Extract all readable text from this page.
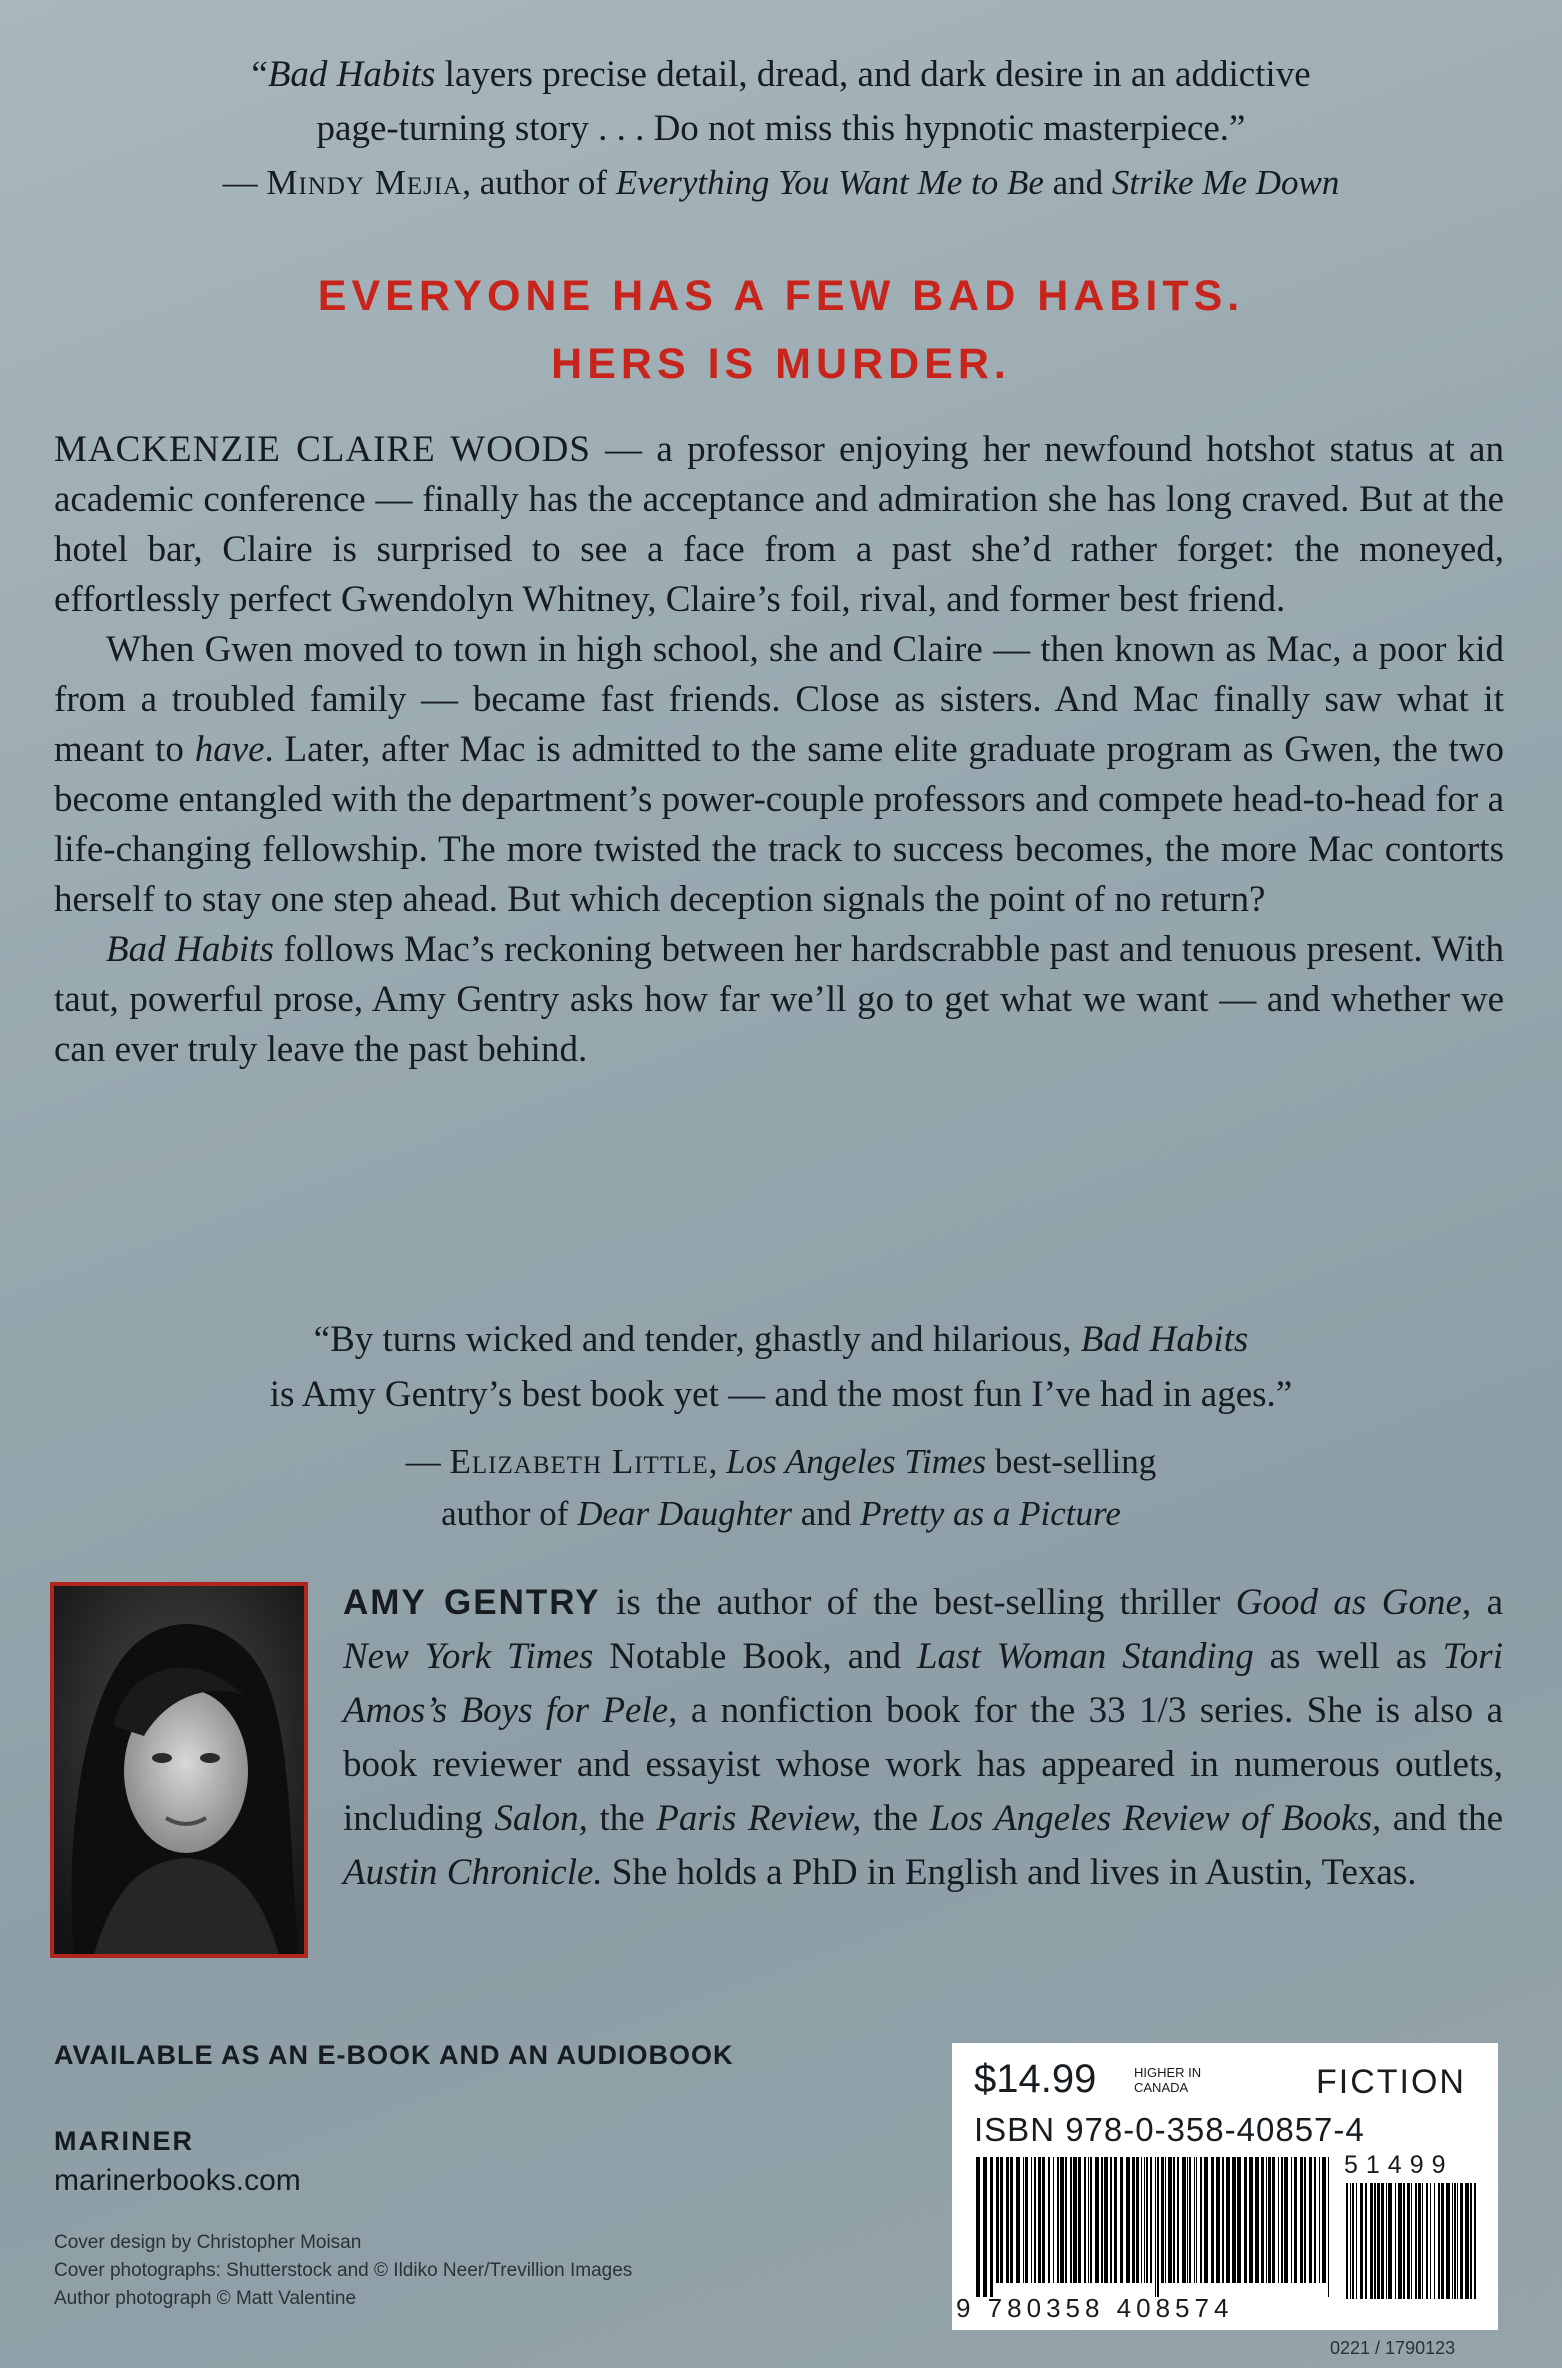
“Bad Habits layers precise detail, dread, and dark desire in an addictive
page-turning story . . . Do not miss this hypnotic masterpiece.”
— Mindy Mejia, author of Everything You Want Me to Be and Strike Me Down
EVERYONE HAS A FEW BAD HABITS.
HERS IS MURDER.

MACKENZIE CLAIRE WOODS — a professor enjoying her newfound hotshot status at an academic conference — finally has the acceptance and admiration she has long craved. But at the hotel bar, Claire is surprised to see a face from a past she’d rather forget: the moneyed, effortlessly perfect Gwendolyn Whitney, Claire’s foil, rival, and former best friend.

When Gwen moved to town in high school, she and Claire — then known as Mac, a poor kid from a troubled family — became fast friends. Close as sisters. And Mac finally saw what it meant to have. Later, after Mac is admitted to the same elite graduate program as Gwen, the two become entangled with the department’s power-couple professors and compete head-to-head for a life-changing fellowship. The more twisted the track to success becomes, the more Mac contorts herself to stay one step ahead. But which deception signals the point of no return?

Bad Habits follows Mac’s reckoning between her hardscrabble past and tenuous present. With taut, powerful prose, Amy Gentry asks how far we’ll go to get what we want — and whether we can ever truly leave the past behind.

“By turns wicked and tender, ghastly and hilarious, Bad Habits
is Amy Gentry’s best book yet — and the most fun I’ve had in ages.”
— Elizabeth Little, Los Angeles Times best-selling
author of Dear Daughter and Pretty as a Picture
AMY GENTRY is the author of the best-selling thriller Good as Gone, a New York Times Notable Book, and Last Woman Standing as well as Tori Amos’s Boys for Pele, a nonfiction book for the 33 1/3 series. She is also a book reviewer and essayist whose work has appeared in numerous outlets, including Salon, the Paris Review, the Los Angeles Review of Books, and the Austin Chronicle. She holds a PhD in English and lives in Austin, Texas.
AVAILABLE AS AN E-BOOK AND AN AUDIOBOOK
MARINER
marinerbooks.com
Cover design by Christopher Moisan
Cover photographs: Shutterstock and © Ildiko Neer/Trevillion Images
Author photograph © Matt Valentine
$14.99	HIGHER IN
CANADA	FICTION
ISBN 978-0-358-40857-4
9 780358 408574
51499
0221 / 1790123
